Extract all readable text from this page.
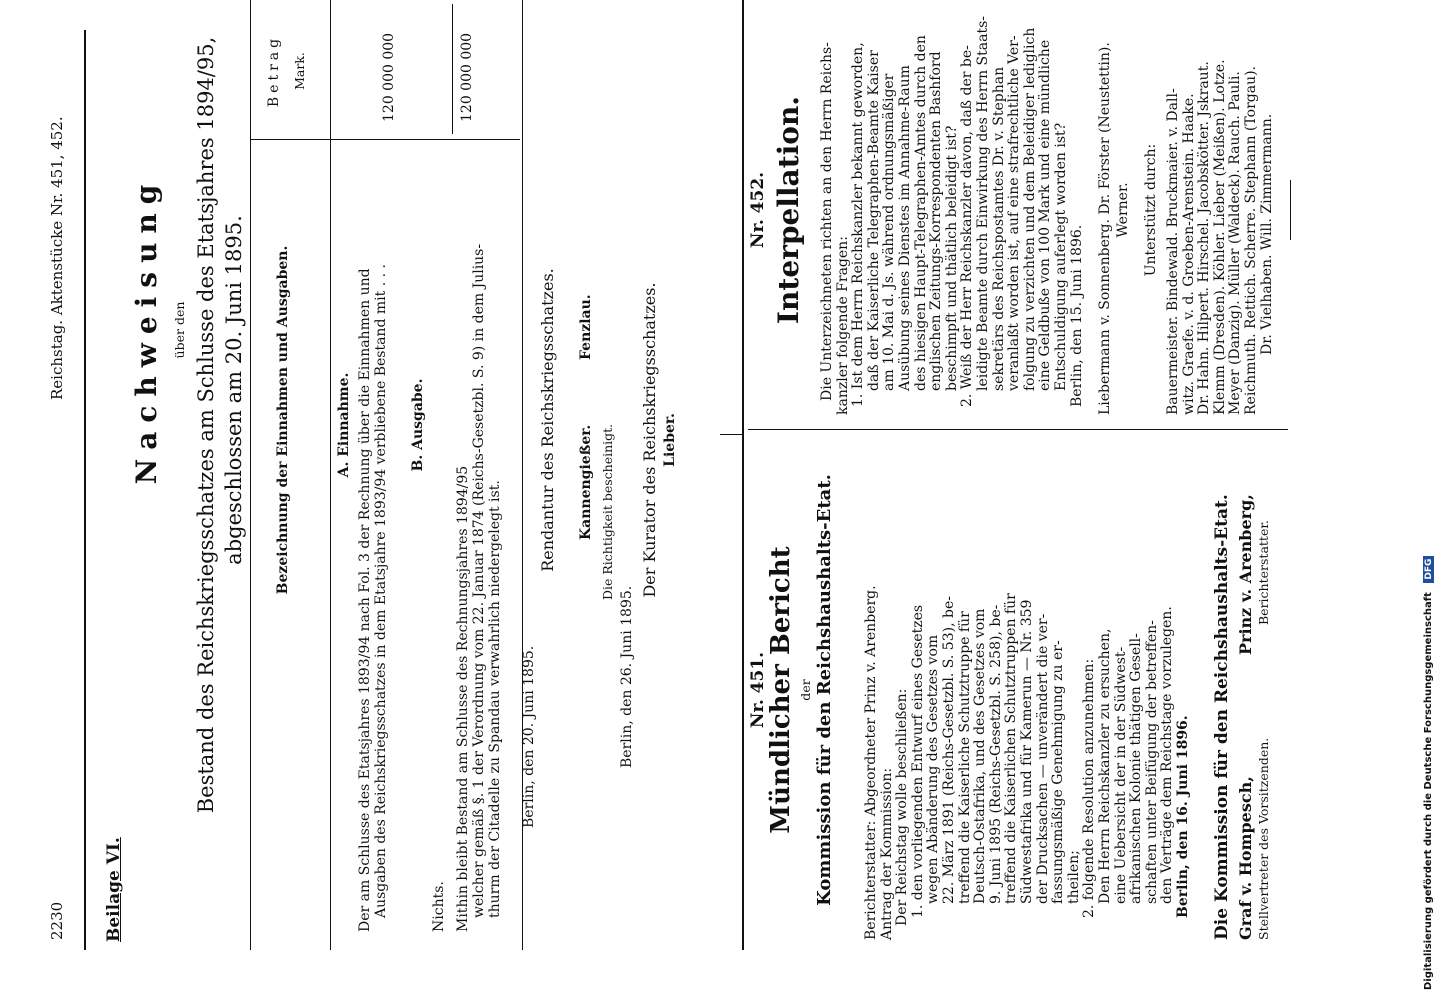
2230
Reichstag. Aktenstücke Nr. 451, 452.
Beilage VI.
Nachweisung über den Bestand des Reichskriegsschatzes am Schlusse des Etatsjahres 1894/95, abgeschlossen am 20. Juni 1895. Bezeichnung der Einnahmen und Ausgaben.
Betrag Mark.
A. Einnahme. Der am Schlusse des Etatsjahres 1893/94 nach Fol. 3 der Rechnung über die Einnahmen und Ausgaben des Reichskriegsschatzes in dem Etatsjahre 1893/94 verbliebene Bestand mit . . .
120 000 000
B. Ausgabe.
Nichts. Mithin bleibt Bestand am Schlusse des Rechnungsjahres 1894/95 welcher gemäß §. 1 der Verordnung vom 22. Januar 1874 (Reichs-Gesetzbl. S. 9) in dem Julius- thurm der Citadelle zu Spandau verwahrlich niedergelegt ist.
120 000 000
Berlin, den 20. Juni 1895.
Rendantur des Reichskriegsschatzes. Kannengießer.
Fenzlau.
Die Richtigkeit bescheinigt.
Berlin, den 26. Juni 1895.
Der Kurator des Reichskriegsschatzes. Lieber.
Nr. 451.
Mündlicher Bericht der Kommission für den Reichshaushalts-Etat. Berichterstatter: Abgeordneter Prinz v. Arenberg. Antrag der Kommission: Der Reichstag wolle beschließen: 1. den vorliegenden Entwurf eines Gesetzes wegen Abänderung des Gesetzes vom 22. März 1891 (Reichs-Gesetzbl. S. 53), be- treffend die Kaiserliche Schutztruppe für Deutsch-Ostafrika, und des Gesetzes vom 9. Juni 1895 (Reichs-Gesetzbl. S. 258), be- treffend die Kaiserlichen Schutztruppen für Südwestafrika und für Kamerun — Nr. 359 der Drucksachen — unverändert die ver- fassungsmäßige Genehmigung zu er- theilen; 2. folgende Resolution anzunehmen: Den Herrn Reichskanzler zu ersuchen, eine Uebersicht der in der Südwest- afrikanischen Kolonie thätigen Gesell- schaften unter Beifügung der betreffen- den Verträge dem Reichstage vorzulegen. Berlin, den 16. Juni 1896. Die Kommission für den Reichshaushalts-Etat. Graf v. Hompesch, Stellvertreter des Vorsitzenden.
Prinz v. Arenberg, Berichterstatter.
Nr. 452. Interpellation. Die Unterzeichneten richten an den Herrn Reichs- kanzler folgende Fragen: 1. Ist dem Herrn Reichskanzler bekannt geworden, daß der Kaiserliche Telegraphen-Beamte Kaiser am 10. Mai d. Js. während ordnungsmäßiger Ausübung seines Dienstes im Annahme-Raum des hiesigen Haupt-Telegraphen-Amtes durch den englischen Zeitungs-Korrespondenten Bashford beschimpft und thätlich beleidigt ist? 2. Weiß der Herr Reichskanzler davon, daß der be- leidigte Beamte durch Einwirkung des Herrn Staats- sekretärs des Reichspostamtes Dr. v. Stephan veranlaßt worden ist, auf eine strafrechtliche Ver- folgung zu verzichten und dem Beleidiger lediglich eine Geldbuße von 100 Mark und eine mündliche Entschuldigung auferlegt worden ist? Berlin, den 15. Juni 1896. Liebermann v. Sonnenberg. Dr. Förster (Neustettin). Werner. Unterstützt durch: Bauermeister. Bindewald. Bruckmaier. v. Dall- witz. Graefe. v. d. Groeben-Arenstein. Haake. Dr. Hahn. Hilpert. Hirschel. Jacobskötter. Jskraut. Klemm (Dresden). Köhler. Lieber (Meißen). Lotze. Meyer (Danzig). Müller (Waldeck). Rauch. Pauli. Reichmuth. Rettich. Scherre. Stephann (Torgau). Dr. Vielhaben. Will. Zimmermann.
Digitalisierung gefördert durch die Deutsche Forschungsgemeinschaft DFG
